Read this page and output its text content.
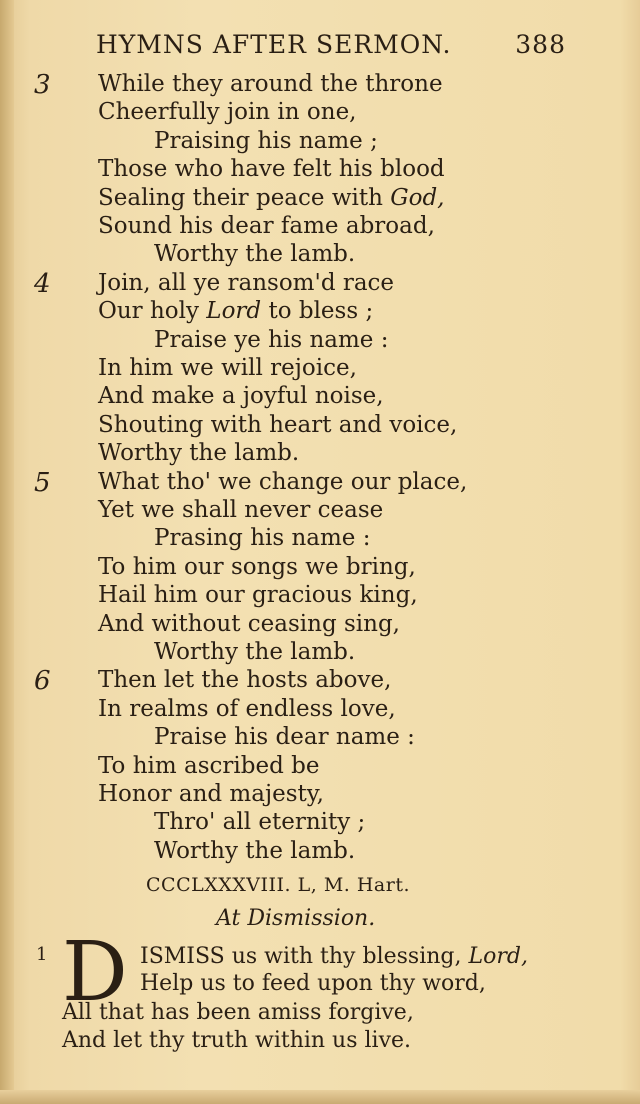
HYMNS AFTER SERMON.	388
3 While they around the throne
Cheerfully join in one,
Praising his name ;
Those who have felt his blood
Sealing their peace with God,
Sound his dear fame abroad,
Worthy the lamb.
4 Join, all ye ransom'd race
Our holy Lord to bless ;
Praise ye his name :
In him we will rejoice,
And make a joyful noise,
Shouting with heart and voice,
Worthy the lamb.
5 What tho' we change our place,
Yet we shall never cease
Prasing his name :
To him our songs we bring,
Hail him our gracious king,
And without ceasing sing,
Worthy the lamb.
6 Then let the hosts above,
In realms of endless love,
Praise his dear name :
To him ascribed be
Honor and majesty,
Thro' all eternity ;
Worthy the lamb.
CCCLXXXVIII. L, M. Hart.
At Dismission.
1 D ISMISS us with thy blessing, Lord,
Help us to feed upon thy word,
All that has been amiss forgive,
And let thy truth within us live.
